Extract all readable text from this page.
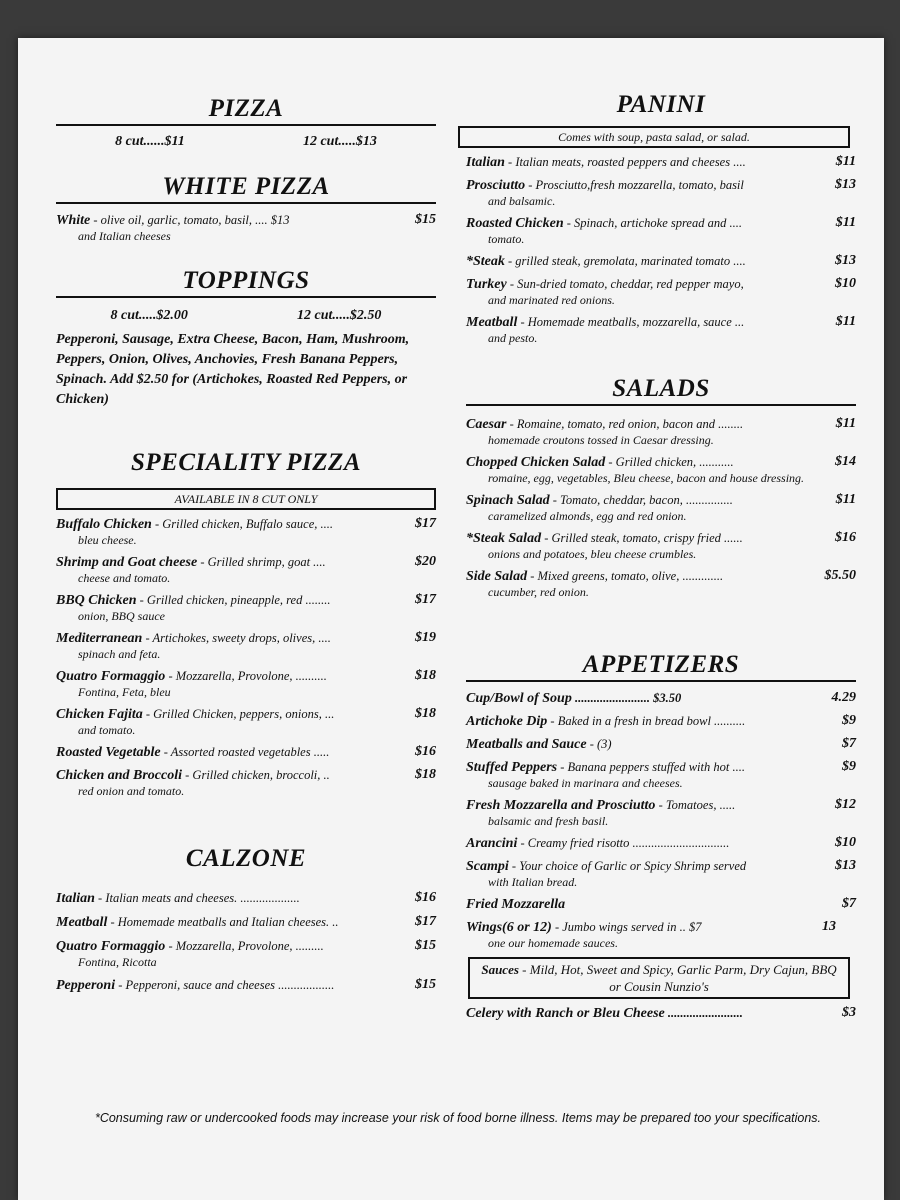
PIZZA
8 cut......$11	12 cut.....$13
WHITE PIZZA
White - olive oil, garlic, tomato, basil, .... $13	$15
and Italian cheeses
TOPPINGS
8 cut.....$2.00	12 cut.....$2.50
Pepperoni, Sausage, Extra Cheese, Bacon, Ham, Mushroom, Peppers, Onion, Olives, Anchovies, Fresh Banana Peppers, Spinach. Add $2.50 for (Artichokes, Roasted Red Peppers, or Chicken)
SPECIALITY PIZZA
AVAILABLE IN 8 CUT ONLY
Buffalo Chicken - Grilled chicken, Buffalo sauce, ....	$17
bleu cheese.
Shrimp and Goat cheese - Grilled shrimp, goat ....	$20
cheese and tomato.
BBQ Chicken - Grilled chicken, pineapple, red ........	$17
onion, BBQ sauce
Mediterranean - Artichokes, sweety drops, olives, ....	$19
spinach and feta.
Quatro Formaggio - Mozzarella, Provolone, ..........	$18
Fontina, Feta, bleu
Chicken Fajita - Grilled Chicken, peppers, onions, ...	$18
and tomato.
Roasted Vegetable - Assorted roasted vegetables .....	$16
Chicken and Broccoli - Grilled chicken, broccoli, ..	$18
red onion and tomato.
CALZONE
Italian - Italian meats and cheeses. ...................	$16
Meatball - Homemade meatballs and Italian cheeses. ..	$17
Quatro Formaggio - Mozzarella, Provolone, .........	$15
Fontina, Ricotta
Pepperoni - Pepperoni, sauce and cheeses ..................	$15
PANINI
Comes with soup, pasta salad, or salad.
Italian - Italian meats, roasted peppers and cheeses ....	$11
Prosciutto - Prosciutto,fresh mozzarella, tomato, basil	$13
and balsamic.
Roasted Chicken - Spinach, artichoke spread and ....	$11
tomato.
*Steak - grilled steak, gremolata, marinated tomato ....	$13
Turkey - Sun-dried tomato, cheddar, red pepper mayo,	$10
and marinated red onions.
Meatball - Homemade meatballs, mozzarella, sauce ...	$11
and pesto.
SALADS
Caesar - Romaine, tomato, red onion, bacon and ........	$11
homemade croutons tossed in Caesar dressing.
Chopped Chicken Salad - Grilled chicken, ...........	$14
romaine, egg, vegetables, Bleu cheese, bacon and house dressing.
Spinach Salad - Tomato, cheddar, bacon, ...............	$11
caramelized almonds, egg and red onion.
*Steak Salad - Grilled steak, tomato, crispy fried ......	$16
onions and potatoes, bleu cheese crumbles.
Side Salad - Mixed greens, tomato, olive, .............	$5.50
cucumber, red onion.
APPETIZERS
Cup/Bowl of Soup ........................ $3.50	4.29
Artichoke Dip - Baked in a fresh in bread bowl ..........	$9
Meatballs and Sauce - (3)	$7
Stuffed Peppers - Banana peppers stuffed with hot ....	$9
sausage baked in marinara and cheeses.
Fresh Mozzarella and Prosciutto - Tomatoes, .....	$12
balsamic and fresh basil.
Arancini - Creamy fried risotto ...............................	$10
Scampi - Your choice of Garlic or Spicy Shrimp served	$13
with Italian bread.
Fried Mozzarella	$7
Wings(6 or 12) - Jumbo wings served in .. $7	13
one our homemade sauces.
Sauces - Mild, Hot, Sweet and Spicy, Garlic Parm, Dry Cajun, BBQ or Cousin Nunzio's
Celery with Ranch or Bleu Cheese ........................	$3
*Consuming raw or undercooked foods may increase your risk of food borne illness. Items may be prepared too your specifications.
